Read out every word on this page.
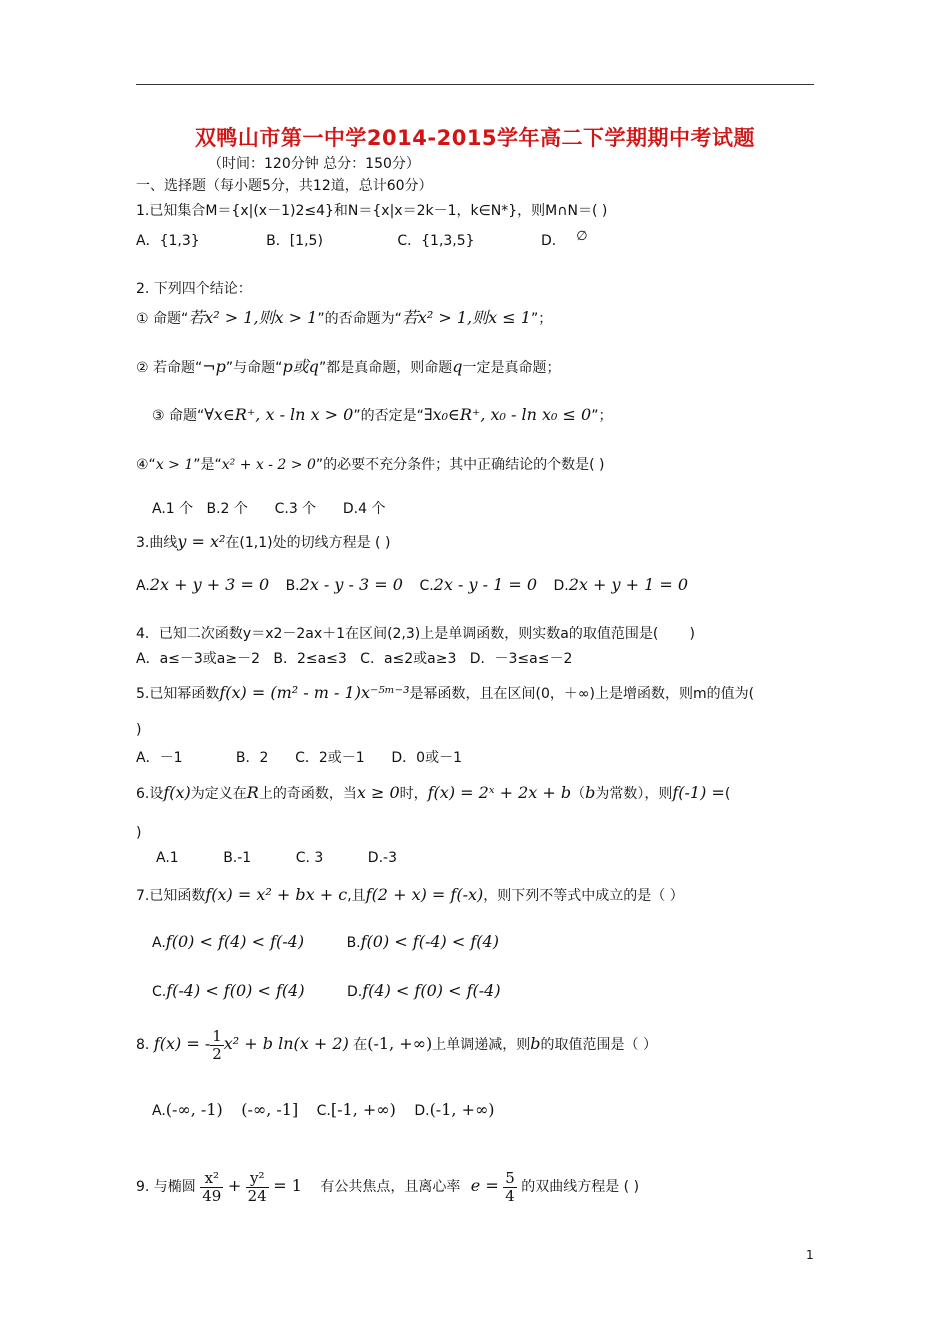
双鸭山市第一中学2014-2015学年高二下学期期中考试题
（时间：120分钟 总分：150分）
一、选择题（每小题5分，共12道，总计60分）
1.已知集合M＝{x|(x－1)2≤4}和N＝{x|x＝2k－1，k∈N*}，则M∩N＝( )
A．{1,3}	B．[1,5)	C．{1,3,5}	D． ∅
2. 下列四个结论：
① 命题“若x² > 1,则x > 1”的否命题为“若x² > 1,则x ≤ 1”；
② 若命题“¬p”与命题“p或q”都是真命题，则命题q一定是真命题；
③ 命题“∀x∈R⁺, x - ln x > 0”的否定是“∃x₀∈R⁺, x₀ - ln x₀ ≤ 0”；
④“x > 1”是“x² + x - 2 > 0”的必要不充分条件；其中正确结论的个数是( )
A.1 个   B.2 个      C.3 个      D.4 个
3.曲线y = x²在(1,1)处的切线方程是 ( )
A.2x + y + 3 = 0 B.2x - y - 3 = 0 C.2x - y - 1 = 0 D.2x + y + 1 = 0
4．已知二次函数y＝x2－2ax＋1在区间(2,3)上是单调函数，则实数a的取值范围是(       )
A．a≤－3或a≥－2   B．2≤a≤3   C．a≤2或a≥3   D．－3≤a≤－2
5.已知幂函数f(x) = (m² - m - 1)x⁻⁵ᵐ⁻³是幂函数，且在区间(0，＋∞)上是增函数，则m的值为(
)
A．－1            B．2      C．2或－1      D．0或－1
6.设f(x)为定义在R上的奇函数，当x ≥ 0时，f(x) = 2ˣ + 2x + b（b为常数），则f(-1) =(
)
A.1          B.-1          C. 3          D.-3
7.已知函数f(x) = x² + bx + c,且f(2 + x) = f(-x)，则下列不等式中成立的是（ ）
A.f(0) < f(4) < f(-4)	B.f(0) < f(-4) < f(4)
C.f(-4) < f(0) < f(4)	D.f(4) < f(0) < f(-4)
8. f(x) = - $\frac{1}{2} x^2 + b$ ln(x + 2) 在(-1, +∞)上单调递减，则b的取值范围是（ ）
A.(-∞, -1) (-∞, -1] C.[-1, +∞) D.(-1, +∞)
9. 与椭圆 $\frac{\text{x²}}{49} + \frac{\text{y²}}{24} = 1$ 有公共焦点，且离心率 $e = \frac{5}{4}$ 的双曲线方程是 ( )
1
